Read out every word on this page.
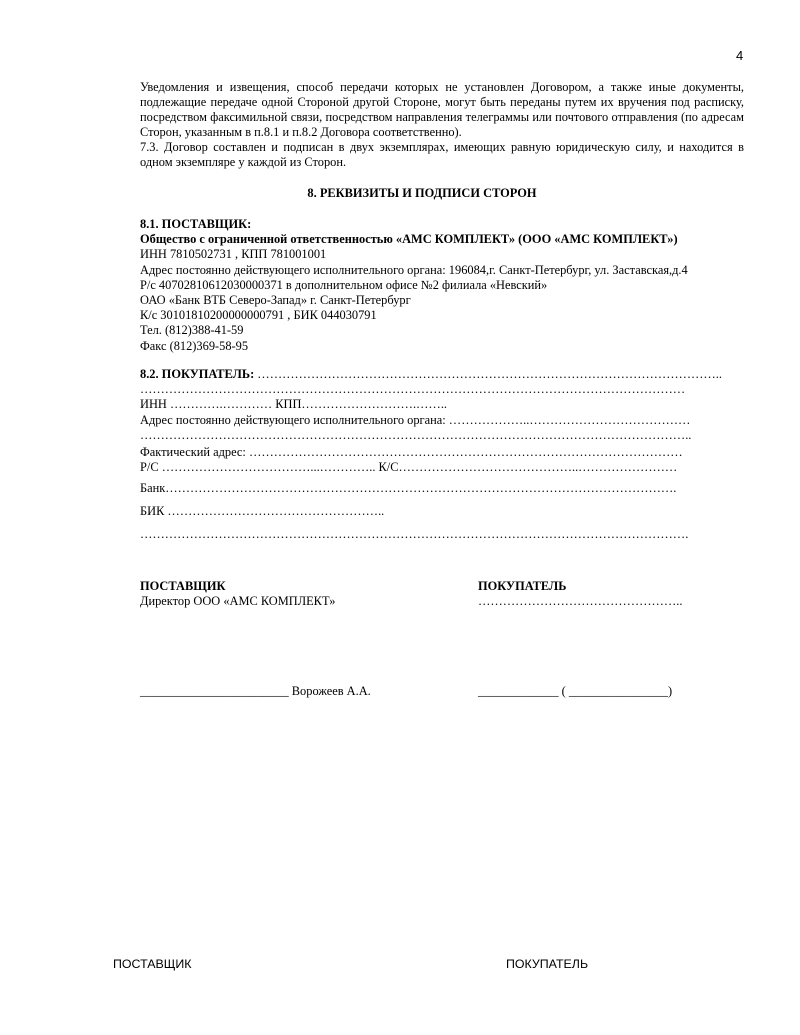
4

Уведомления и извещения, способ передачи которых не установлен Договором, а также иные документы, подлежащие передаче одной Стороной другой Стороне, могут быть переданы путем их вручения под расписку, посредством факсимильной связи, посредством направления телеграммы или почтового отправления (по адресам Сторон, указанным в п.8.1 и п.8.2 Договора соответственно).

7.3. Договор составлен и подписан в двух экземплярах, имеющих равную юридическую силу, и находится в одном экземпляре у каждой из Сторон.

8. РЕКВИЗИТЫ И ПОДПИСИ СТОРОН
8.1. ПОСТАВЩИК:
Общество с ограниченной ответственностью «АМС КОМПЛЕКТ» (ООО «АМС КОМПЛЕКТ»)
ИНН 7810502731 , КПП 781001001
Адрес постоянно действующего исполнительного органа: 196084,г. Санкт-Петербург, ул. Заставская,д.4
Р/с 40702810612030000371 в дополнительном офисе №2 филиала «Невский»
ОАО «Банк ВТБ Северо-Запад» г. Санкт-Петербург
К/с 30101810200000000791 , БИК 044030791
Тел. (812)388-41-59
Факс (812)369-58-95
8.2. ПОКУПАТЕЛЬ: …………………………………………………………………………………………………..
……………………………………………………………………………………………………………………
ИНН ………….………… КПП……………………….……..
Адрес постоянно действующего исполнительного органа: ………………..…………………………………
……………………………………………………………………………………………………………………..
Фактический адрес: ……………………………………………………………………………………………
Р/С ………………………………...………….. К/С……………………………………..……………………
Банк…………………………………………………………………………………………………………….
БИК ……………………………………………..
…………………………………………………………………………………………………………………….
ПОСТАВЩИК
Директор ООО «АМС КОМПЛЕКТ»
________________________ Ворожеев А.А.
ПОКУПАТЕЛЬ
…………………………………………..
_____________ ( ________________)
ПОСТАВЩИК	ПОКУПАТЕЛЬ
